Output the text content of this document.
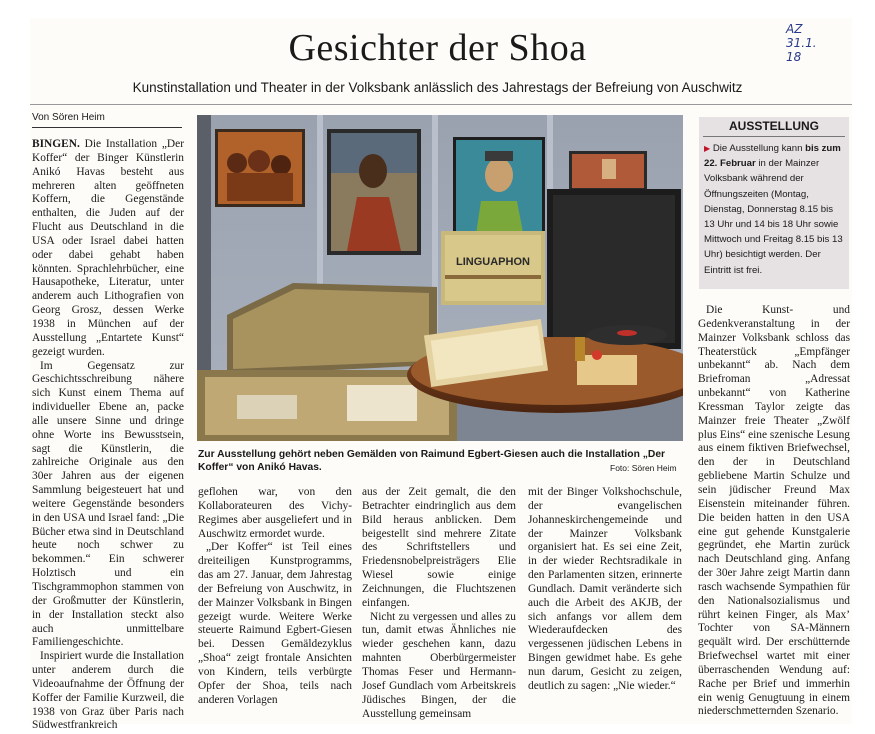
AZ
31.1.
18
Gesichter der Shoa
Kunstinstallation und Theater in der Volksbank anlässlich des Jahrestags der Befreiung von Auschwitz
Von Sören Heim

BINGEN. Die Installation „Der Koffer“ der Binger Künstlerin Anikó Havas besteht aus mehreren alten geöffneten Koffern, die Gegenstände enthalten, die Juden auf der Flucht aus Deutschland in die USA oder Israel dabei hatten oder dabei gehabt haben könnten. Sprachlehrbücher, eine Hausapotheke, Literatur, unter anderem auch Lithografien von Georg Grosz, dessen Werke 1938 in München auf der Ausstellung „Entartete Kunst“ gezeigt wurden.

Im Gegensatz zur Geschichtsschreibung nähere sich Kunst einem Thema auf individueller Ebene an, packe alle unsere Sinne und dringe ohne Worte ins Bewusstsein, sagt die Künstlerin, die zahlreiche Originale aus den 30er Jahren aus der eigenen Sammlung beigesteuert hat und weitere Gegenstände besonders in den USA und Israel fand: „Die Bücher etwa sind in Deutschland heute noch schwer zu bekommen.“ Ein schwerer Holztisch und ein Tischgrammophon stammen von der Großmutter der Künstlerin, in der Installation steckt also auch unmittelbare Familiengeschichte.

Inspiriert wurde die Installation unter anderem durch die Videoaufnahme der Öffnung der Koffer der Familie Kurzweil, die 1938 von Graz über Paris nach Südwestfrankreich

LINGUAPHON
Zur Ausstellung gehört neben Gemälden von Raimund Egbert-Giesen auch die Installation „Der Koffer“ von Anikó Havas.	Foto: Sören Heim
AUSSTELLUNG
▶ Die Ausstellung kann bis zum 22. Februar in der Mainzer Volksbank während der Öffnungszeiten (Montag, Dienstag, Donnerstag 8.15 bis 13 Uhr und 14 bis 18 Uhr sowie Mittwoch und Freitag 8.15 bis 13 Uhr) besichtigt werden. Der Eintritt ist frei.

geflohen war, von den Kollaborateuren des Vichy-Regimes aber ausgeliefert und in Auschwitz ermordet wurde.

„Der Koffer“ ist Teil eines dreiteiligen Kunstprogramms, das am 27. Januar, dem Jahrestag der Befreiung von Auschwitz, in der Mainzer Volksbank in Bingen gezeigt wurde. Weitere Werke steuerte Raimund Egbert-Giesen bei. Dessen Gemäldezyklus „Shoa“ zeigt frontale Ansichten von Kindern, teils verbürgte Opfer der Shoa, teils nach anderen Vorlagen

aus der Zeit gemalt, die den Betrachter eindringlich aus dem Bild heraus anblicken. Dem beigestellt sind mehrere Zitate des Schriftstellers und Friedensnobelpreisträgers Elie Wiesel sowie einige Zeichnungen, die Fluchtszenen einfangen.

Nicht zu vergessen und alles zu tun, damit etwas Ähnliches nie wieder geschehen kann, dazu mahnten Oberbürgermeister Thomas Feser und Hermann-Josef Gundlach vom Arbeitskreis Jüdisches Bingen, der die Ausstellung gemeinsam

mit der Binger Volkshochschule, der evangelischen Johanneskirchengemeinde und der Mainzer Volksbank organisiert hat. Es sei eine Zeit, in der wieder Rechtsradikale in den Parlamenten sitzen, erinnerte Gundlach. Damit veränderte sich auch die Arbeit des AKJB, der sich anfangs vor allem dem Wiederaufdecken des vergessenen jüdischen Lebens in Bingen gewidmet habe. Es gehe nun darum, Gesicht zu zeigen, deutlich zu sagen: „Nie wieder.“

Die Kunst- und Gedenkveranstaltung in der Mainzer Volksbank schloss das Theaterstück „Empfänger unbekannt“ ab. Nach dem Briefroman „Adressat unbekannt“ von Katherine Kressman Taylor zeigte das Mainzer freie Theater „Zwölf plus Eins“ eine szenische Lesung aus einem fiktiven Briefwechsel, den der in Deutschland gebliebene Martin Schulze und sein jüdischer Freund Max Eisenstein miteinander führen. Die beiden hatten in den USA eine gut gehende Kunstgalerie gegründet, ehe Martin zurück nach Deutschland ging. Anfang der 30er Jahre zeigt Martin dann rasch wachsende Sympathien für den Nationalsozialismus und rührt keinen Finger, als Max’ Tochter von SA-Männern gequält wird. Der erschütternde Briefwechsel wartet mit einer überraschenden Wendung auf: Rache per Brief und immerhin ein wenig Genugtuung in einem niederschmetternden Szenario.
